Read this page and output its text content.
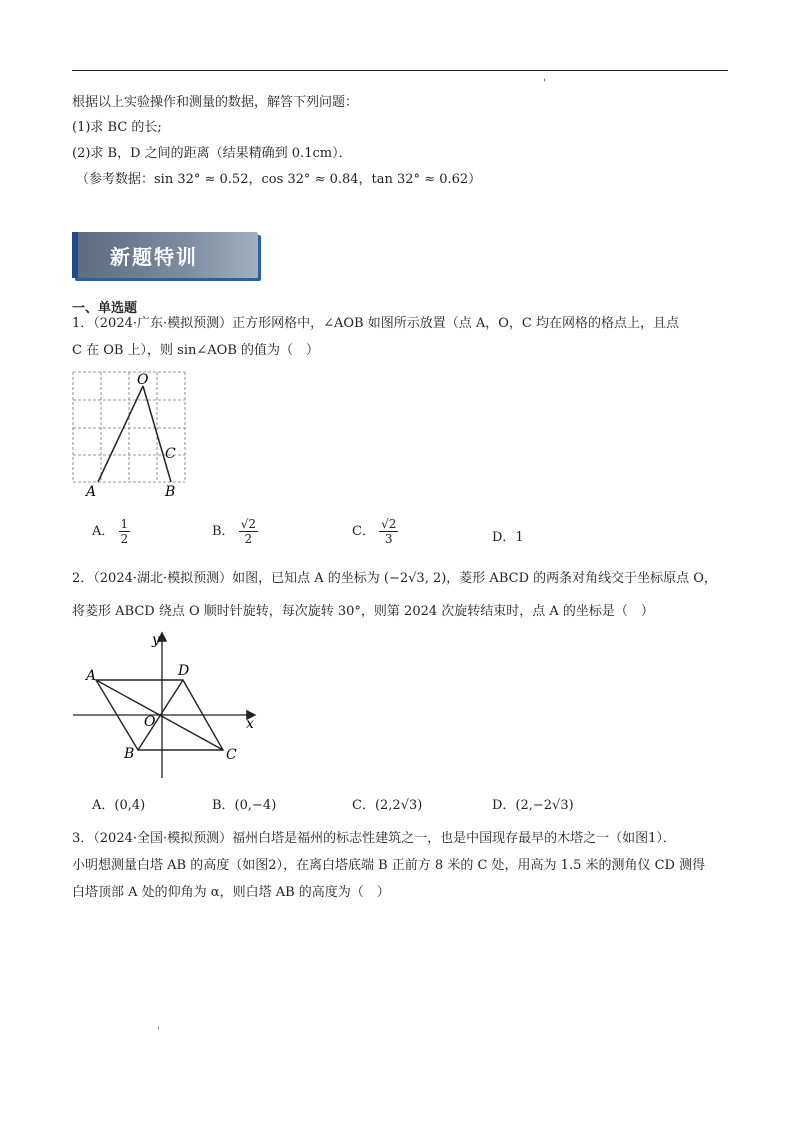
'
根据以上实验操作和测量的数据，解答下列问题：
(1)求 BC 的长;
(2)求 B，D 之间的距离（结果精确到 0.1cm）．
（参考数据：sin 32° ≈ 0.52，cos 32° ≈ 0.84，tan 32° ≈ 0.62）
新题特训
一、单选题
1．（2024·广东·模拟预测）正方形网格中，∠AOB 如图所示放置（点 A，O，C 均在网格的格点上，且点
C 在 OB 上），则 sin∠AOB 的值为（　）
O
A	B
C
A． $\frac{1}{2}$	B． $\frac{√2}{2}$	C． $\frac{√2}{3}$	D．1
2．（2024·湖北·模拟预测）如图，已知点 A 的坐标为 (−2√3, 2)，菱形 ABCD 的两条对角线交于坐标原点 O，
将菱形 ABCD 绕点 O 顺时针旋转，每次旋转 30°，则第 2024 次旋转结束时，点 A 的坐标是（　）
y
x
A	D
O
B	C
A．(0,4)	B．(0,−4)	C．(2,2√3)	D．(2,−2√3)
3．（2024·全国·模拟预测）福州白塔是福州的标志性建筑之一，也是中国现存最早的木塔之一（如图1）．
小明想测量白塔 AB 的高度（如图2），在离白塔底端 B 正前方 8 米的 C 处，用高为 1.5 米的测角仪 CD 测得
白塔顶部 A 处的仰角为 α，则白塔 AB 的高度为（　）
'
